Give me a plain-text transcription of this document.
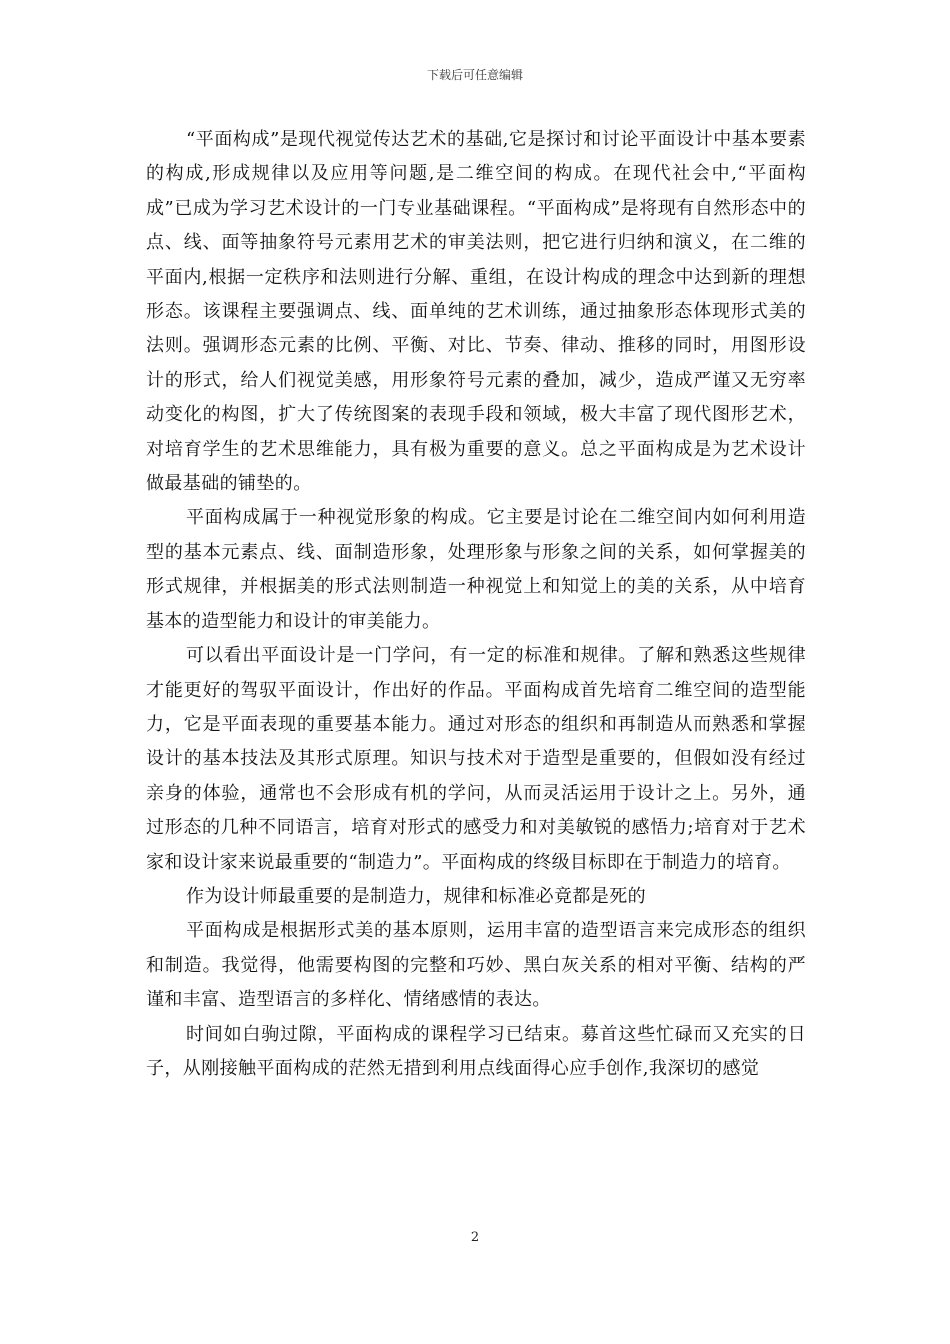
下载后可任意编辑

“平面构成”是现代视觉传达艺术的基础,它是探讨和讨论平面设计中基本要素的构成,形成规律以及应用等问题,是二维空间的构成。在现代社会中,“平面构成”已成为学习艺术设计的一门专业基础课程。“平面构成”是将现有自然形态中的点、线、面等抽象符号元素用艺术的审美法则，把它进行归纳和演义，在二维的平面内,根据一定秩序和法则进行分解、重组，在设计构成的理念中达到新的理想形态。该课程主要强调点、线、面单纯的艺术训练，通过抽象形态体现形式美的法则。强调形态元素的比例、平衡、对比、节奏、律动、推移的同时，用图形设计的形式，给人们视觉美感，用形象符号元素的叠加，减少，造成严谨又无穷率动变化的构图，扩大了传统图案的表现手段和领域，极大丰富了现代图形艺术，对培育学生的艺术思维能力，具有极为重要的意义。总之平面构成是为艺术设计做最基础的铺垫的。

平面构成属于一种视觉形象的构成。它主要是讨论在二维空间内如何利用造型的基本元素点、线、面制造形象，处理形象与形象之间的关系，如何掌握美的形式规律，并根据美的形式法则制造一种视觉上和知觉上的美的关系，从中培育基本的造型能力和设计的审美能力。

可以看出平面设计是一门学问，有一定的标准和规律。了解和熟悉这些规律才能更好的驾驭平面设计，作出好的作品。平面构成首先培育二维空间的造型能力，它是平面表现的重要基本能力。通过对形态的组织和再制造从而熟悉和掌握设计的基本技法及其形式原理。知识与技术对于造型是重要的，但假如没有经过亲身的体验，通常也不会形成有机的学问，从而灵活运用于设计之上。另外，通过形态的几种不同语言，培育对形式的感受力和对美敏锐的感悟力;培育对于艺术家和设计家来说最重要的“制造力”。平面构成的终级目标即在于制造力的培育。

作为设计师最重要的是制造力，规律和标准必竟都是死的

平面构成是根据形式美的基本原则，运用丰富的造型语言来完成形态的组织和制造。我觉得，他需要构图的完整和巧妙、黑白灰关系的相对平衡、结构的严谨和丰富、造型语言的多样化、情绪感情的表达。

时间如白驹过隙，平面构成的课程学习已结束。募首这些忙碌而又充实的日子，从刚接触平面构成的茫然无措到利用点线面得心应手创作,我深切的感觉

2
